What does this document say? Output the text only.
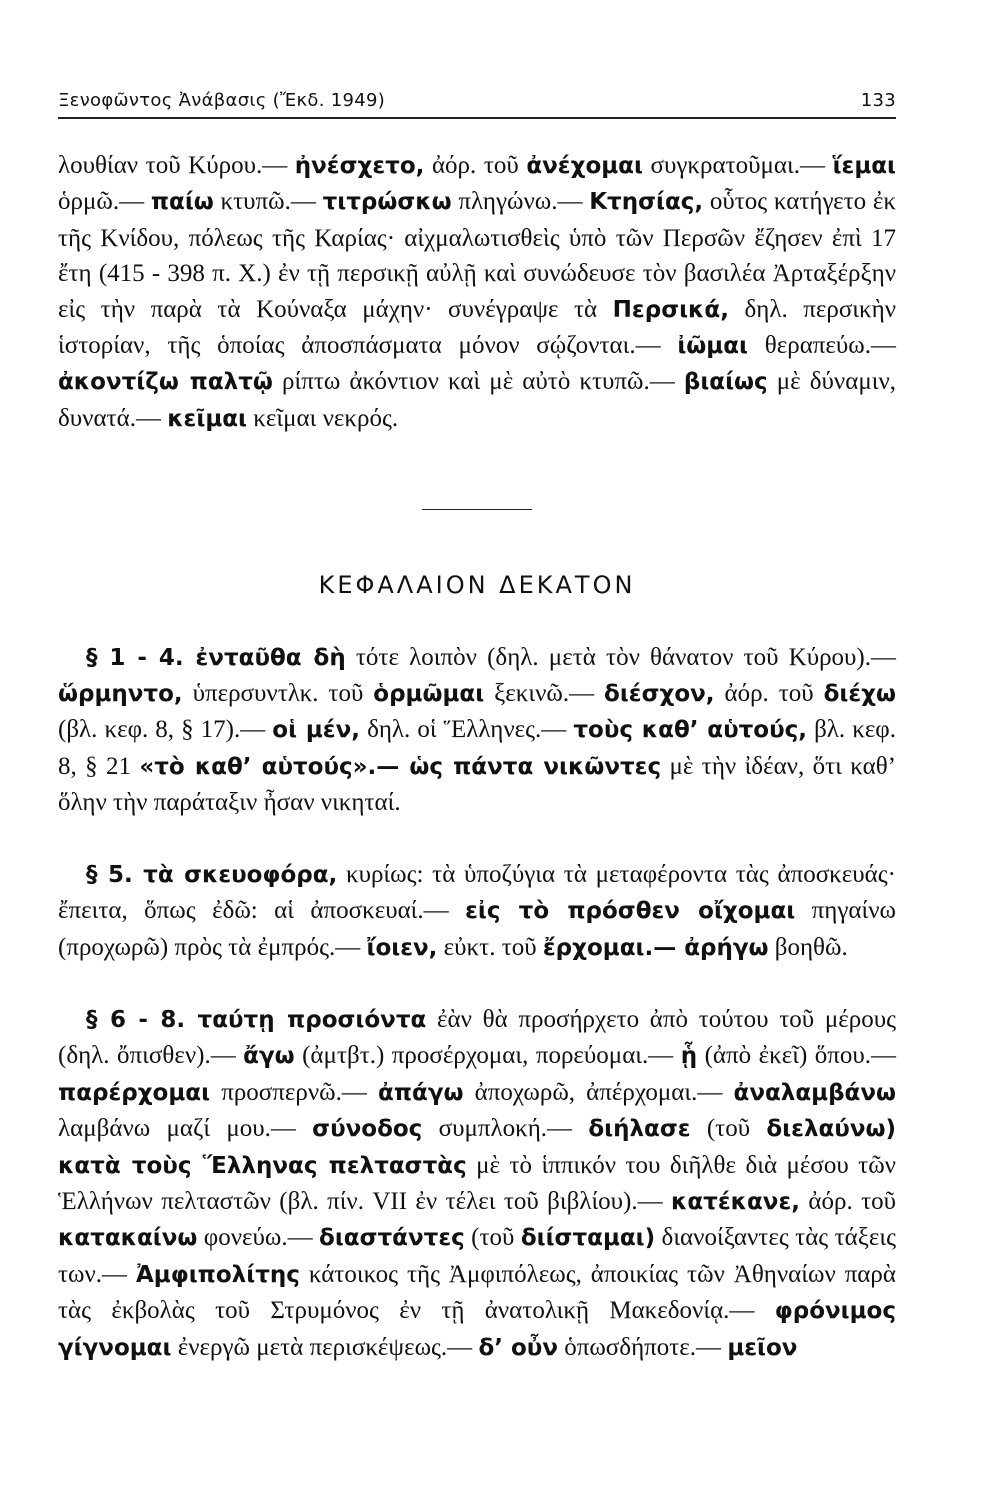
Ξενοφῶντος Ἀνάβασις (Ἔκδ. 1949)	133

λουθίαν τοῦ Κύρου.— ἠνέσχετο, ἀόρ. τοῦ ἀνέχομαι συγκρατοῦμαι.— ἵεμαι ὁρμῶ.— παίω κτυπῶ.— τιτρώσκω πληγώνω.— Κτησίας, οὗτος κατήγετο ἐκ τῆς Κνίδου, πόλεως τῆς Καρίας· αἰχμαλωτισθεὶς ὑπὸ τῶν Περσῶν ἔζησεν ἐπὶ 17 ἔτη (415 - 398 π. Χ.) ἐν τῇ περσικῇ αὐλῇ καὶ συνώδευσε τὸν βασιλέα Ἀρταξέρξην εἰς τὴν παρὰ τὰ Κούναξα μάχην· συνέγραψε τὰ Περσικά, δηλ. περσικὴν ἱστορίαν, τῆς ὁποίας ἀποσπάσματα μόνον σῴζονται.— ἰῶμαι θεραπεύω.— ἀκοντίζω παλτῷ ρίπτω ἀκόντιον καὶ μὲ αὐτὸ κτυπῶ.— βιαίως μὲ δύναμιν, δυνατά.— κεῖμαι κεῖμαι νεκρός.

ΚΕΦΑΛΑΙΟΝ ΔΕΚΑΤΟΝ

§ 1 - 4. ἐνταῦθα δὴ τότε λοιπὸν (δηλ. μετὰ τὸν θάνατον τοῦ Κύρου).— ὥρμηντο, ὑπερσυντλκ. τοῦ ὁρμῶμαι ξεκινῶ.— διέσχον, ἀόρ. τοῦ διέχω (βλ. κεφ. 8, § 17).— οἱ μέν, δηλ. οἱ Ἕλληνες.— τοὺς καθ’ αὑτούς, βλ. κεφ. 8, § 21 «τὸ καθ’ αὑτούς».— ὡς πάντα νικῶντες μὲ τὴν ἰδέαν, ὅτι καθ’ ὅλην τὴν παράταξιν ἦσαν νικηταί.

§ 5. τὰ σκευοφόρα, κυρίως: τὰ ὑποζύγια τὰ μεταφέροντα τὰς ἀποσκευάς· ἔπειτα, ὅπως ἐδῶ: αἱ ἀποσκευαί.— εἰς τὸ πρόσθεν οἴχομαι πηγαίνω (προχωρῶ) πρὸς τὰ ἐμπρός.— ἴοιεν, εὐκτ. τοῦ ἔρχομαι.— ἀρήγω βοηθῶ.

§ 6 - 8. ταύτῃ προσιόντα ἐὰν θὰ προσήρχετο ἀπὸ τούτου τοῦ μέρους (δηλ. ὄπισθεν).— ἄγω (ἀμτβτ.) προσέρχομαι, πορεύομαι.— ᾗ (ἀπὸ ἐκεῖ) ὅπου.— παρέρχομαι προσπερνῶ.— ἀπάγω ἀποχωρῶ, ἀπέρχομαι.— ἀναλαμβάνω λαμβάνω μαζί μου.— σύνοδος συμπλοκή.— διήλασε (τοῦ διελαύνω) κατὰ τοὺς Ἕλληνας πελταστὰς μὲ τὸ ἱππικόν του διῆλθε διὰ μέσου τῶν Ἑλλήνων πελταστῶν (βλ. πίν. VII ἐν τέλει τοῦ βιβλίου).— κατέκανε, ἀόρ. τοῦ κατακαίνω φονεύω.— διαστάντες (τοῦ διίσταμαι) διανοίξαντες τὰς τάξεις των.— Ἀμφιπολίτης κάτοικος τῆς Ἀμφιπόλεως, ἀποικίας τῶν Ἀθηναίων παρὰ τὰς ἐκβολὰς τοῦ Στρυμόνος ἐν τῇ ἀνατολικῇ Μακεδονίᾳ.— φρόνιμος γίγνομαι ἐνεργῶ μετὰ περισκέψεως.— δ’ οὖν ὁπωσδήποτε.— μεῖον
